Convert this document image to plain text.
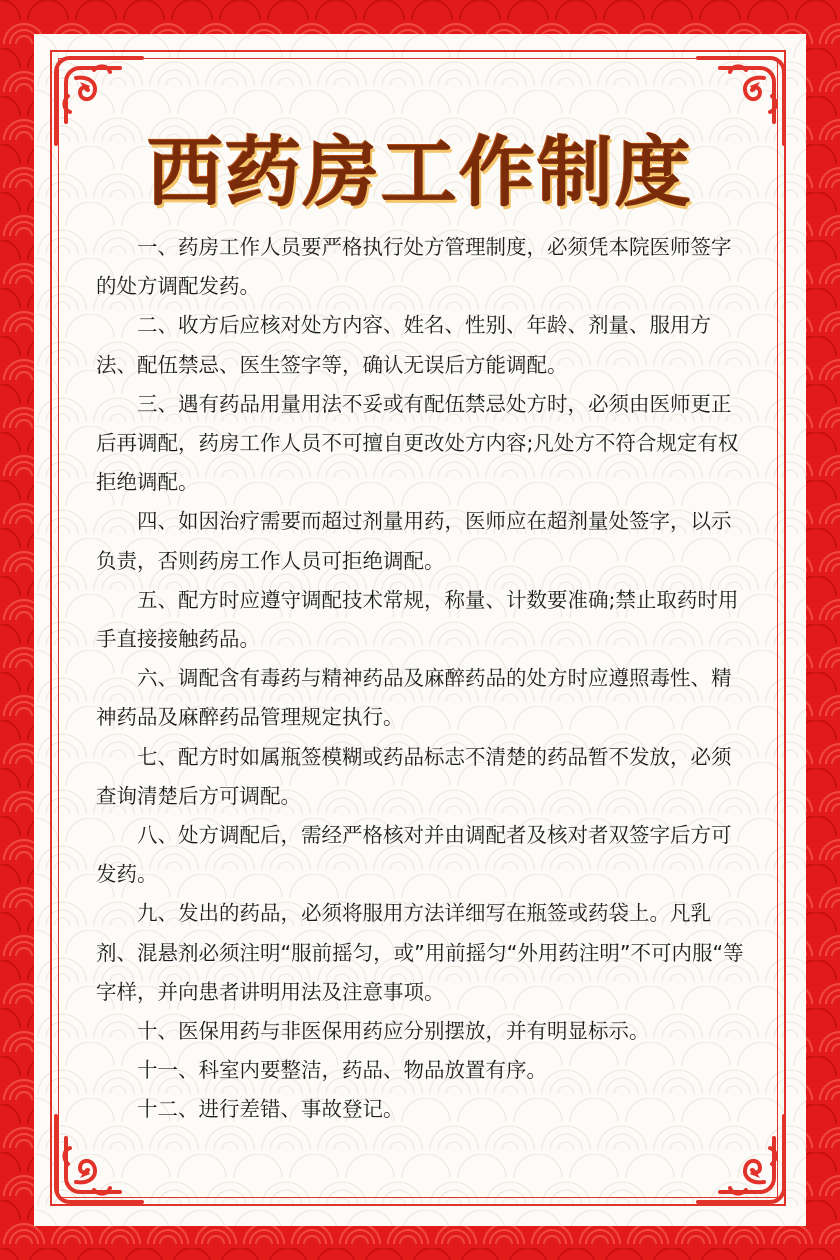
西药房工作制度

一、药房工作人员要严格执行处方管理制度，必须凭本院医师签字的处方调配发药。

二、收方后应核对处方内容、姓名、性别、年龄、剂量、服用方法、配伍禁忌、医生签字等，确认无误后方能调配。

三、遇有药品用量用法不妥或有配伍禁忌处方时，必须由医师更正后再调配，药房工作人员不可擅自更改处方内容;凡处方不符合规定有权拒绝调配。

四、如因治疗需要而超过剂量用药，医师应在超剂量处签字，以示负责，否则药房工作人员可拒绝调配。

五、配方时应遵守调配技术常规，称量、计数要准确;禁止取药时用手直接接触药品。

六、调配含有毒药与精神药品及麻醉药品的处方时应遵照毒性、精神药品及麻醉药品管理规定执行。

七、配方时如属瓶签模糊或药品标志不清楚的药品暂不发放，必须查询清楚后方可调配。

八、处方调配后，需经严格核对并由调配者及核对者双签字后方可发药。

九、发出的药品，必须将服用方法详细写在瓶签或药袋上。凡乳剂、混悬剂必须注明“服前摇匀，或”用前摇匀“外用药注明”不可内服“等字样，并向患者讲明用法及注意事项。

十、医保用药与非医保用药应分别摆放，并有明显标示。

十一、科室内要整洁，药品、物品放置有序。

十二、进行差错、事故登记。
